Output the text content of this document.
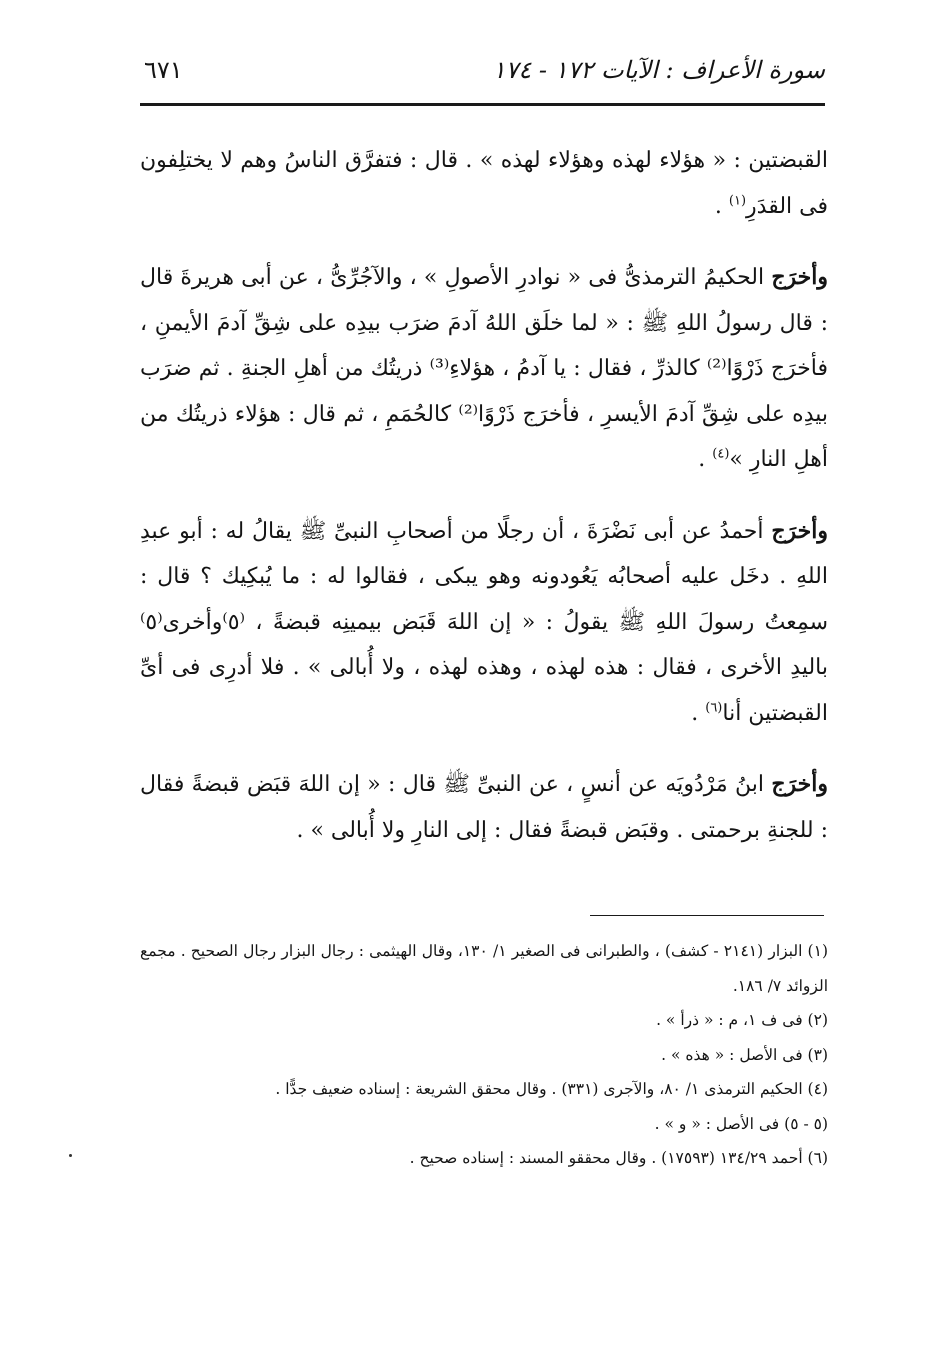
سورة الأعراف : الآيات ١٧٢ - ١٧٤
٦٧١

القبضتين : « هؤلاء لهذه وهؤلاء لهذه » . قال : فتفرَّق الناسُ وهم لا يختلِفون فى القدَرِ$^{(١)}$ .

وأخرَج الحكيمُ الترمذىُّ فى « نوادرِ الأصولِ » ، والآجُرِّىُّ ، عن أبى هريرةَ قال : قال رسولُ اللهِ ﷺ : « لما خلَق اللهُ آدمَ ضرَب بيدِه على شِقِّ آدمَ الأيمنِ ، فأخرَج ذَرْوًا⁽²⁾ كالذرِّ ، فقال : يا آدمُ ، هؤلاءِ⁽³⁾ ذريتُك من أهلِ الجنةِ . ثم ضرَب بيدِه على شِقِّ آدمَ الأيسرِ ، فأخرَج ذَرْوًا⁽²⁾ كالحُمَمِ ، ثم قال : هؤلاء ذريتُك من أهلِ النارِ »$^{(٤)}$ .

وأخرَج أحمدُ عن أبى نَضْرَةَ ، أن رجلًا من أصحابِ النبىِّ ﷺ يقالُ له : أبو عبدِ اللهِ . دخَل عليه أصحابُه يَعُودونه وهو يبكى ، فقالوا له : ما يُبكِيك ؟ قال : سمِعتُ رسولَ اللهِ ﷺ يقولُ : « إن اللهَ قَبَض بيمينِه قبضةً ، ⁽٥⁾وأخرى⁽٥⁾ باليدِ الأخرى ، فقال : هذه لهذه ، وهذه لهذه ، ولا أُبالى » . فلا أدرِى فى أىِّ القبضتين أنا$^{(٦)}$ .

وأخرَج ابنُ مَرْدُويَه عن أنسٍ ، عن النبىِّ ﷺ قال : « إن اللهَ قبَض قبضةً فقال : للجنةِ برحمتى . وقبَض قبضةً فقال : إلى النارِ ولا أُبالى » .

(١) البزار (٢١٤١ - كشف) ، والطبرانى فى الصغير ١/ ١٣٠، وقال الهيثمى : رجال البزار رجال الصحيح . مجمع الزوائد ٧/ ١٨٦.
(٢) فى ف ١، م : « ذرأ » .
(٣) فى الأصل : « هذه » .
(٤) الحكيم الترمذى ١/ ٨٠، والآجرى (٣٣١) . وقال محقق الشريعة : إسناده ضعيف جدًّا .
(٥ - ٥) فى الأصل : « و » .
(٦) أحمد ١٣٤/٢٩ (١٧٥٩٣) . وقال محققو المسند : إسناده صحيح .
